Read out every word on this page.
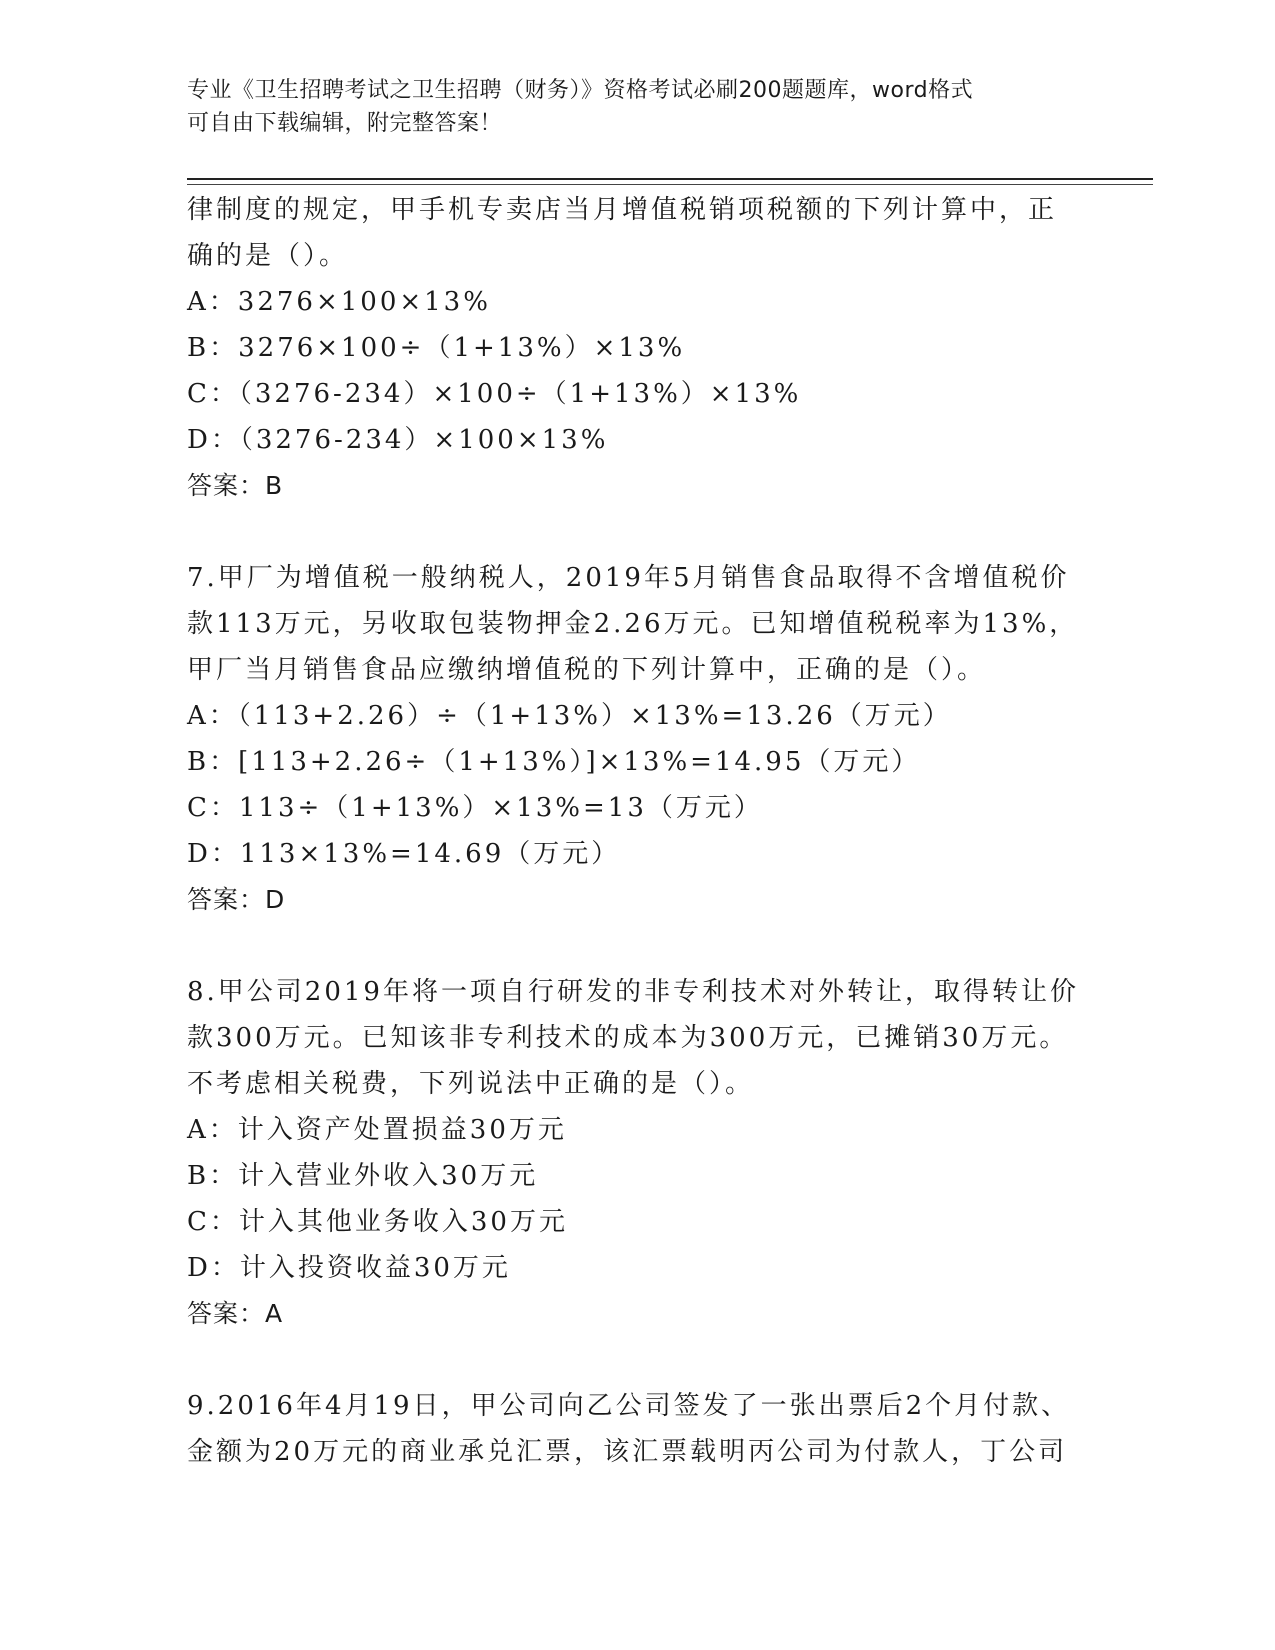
专业《卫生招聘考试之卫生招聘（财务）》资格考试必刷200题题库，word格式
可自由下载编辑，附完整答案！
律制度的规定，甲手机专卖店当月增值税销项税额的下列计算中，正
确的是（）。
A：3276×100×13%
B：3276×100÷（1+13%）×13%
C：（3276-234）×100÷（1+13%）×13%
D：（3276-234）×100×13%
答案：B
7.甲厂为增值税一般纳税人，2019年5月销售食品取得不含增值税价
款113万元，另收取包装物押金2.26万元。已知增值税税率为13%，
甲厂当月销售食品应缴纳增值税的下列计算中，正确的是（）。
A：（113+2.26）÷（1+13%）×13%=13.26（万元）
B：[113+2.26÷（1+13%）]×13%=14.95（万元）
C：113÷（1+13%）×13%=13（万元）
D：113×13%=14.69（万元）
答案：D
8.甲公司2019年将一项自行研发的非专利技术对外转让，取得转让价
款300万元。已知该非专利技术的成本为300万元，已摊销30万元。
不考虑相关税费，下列说法中正确的是（）。
A：计入资产处置损益30万元
B：计入营业外收入30万元
C：计入其他业务收入30万元
D：计入投资收益30万元
答案：A
9.2016年4月19日，甲公司向乙公司签发了一张出票后2个月付款、
金额为20万元的商业承兑汇票，该汇票载明丙公司为付款人，丁公司
